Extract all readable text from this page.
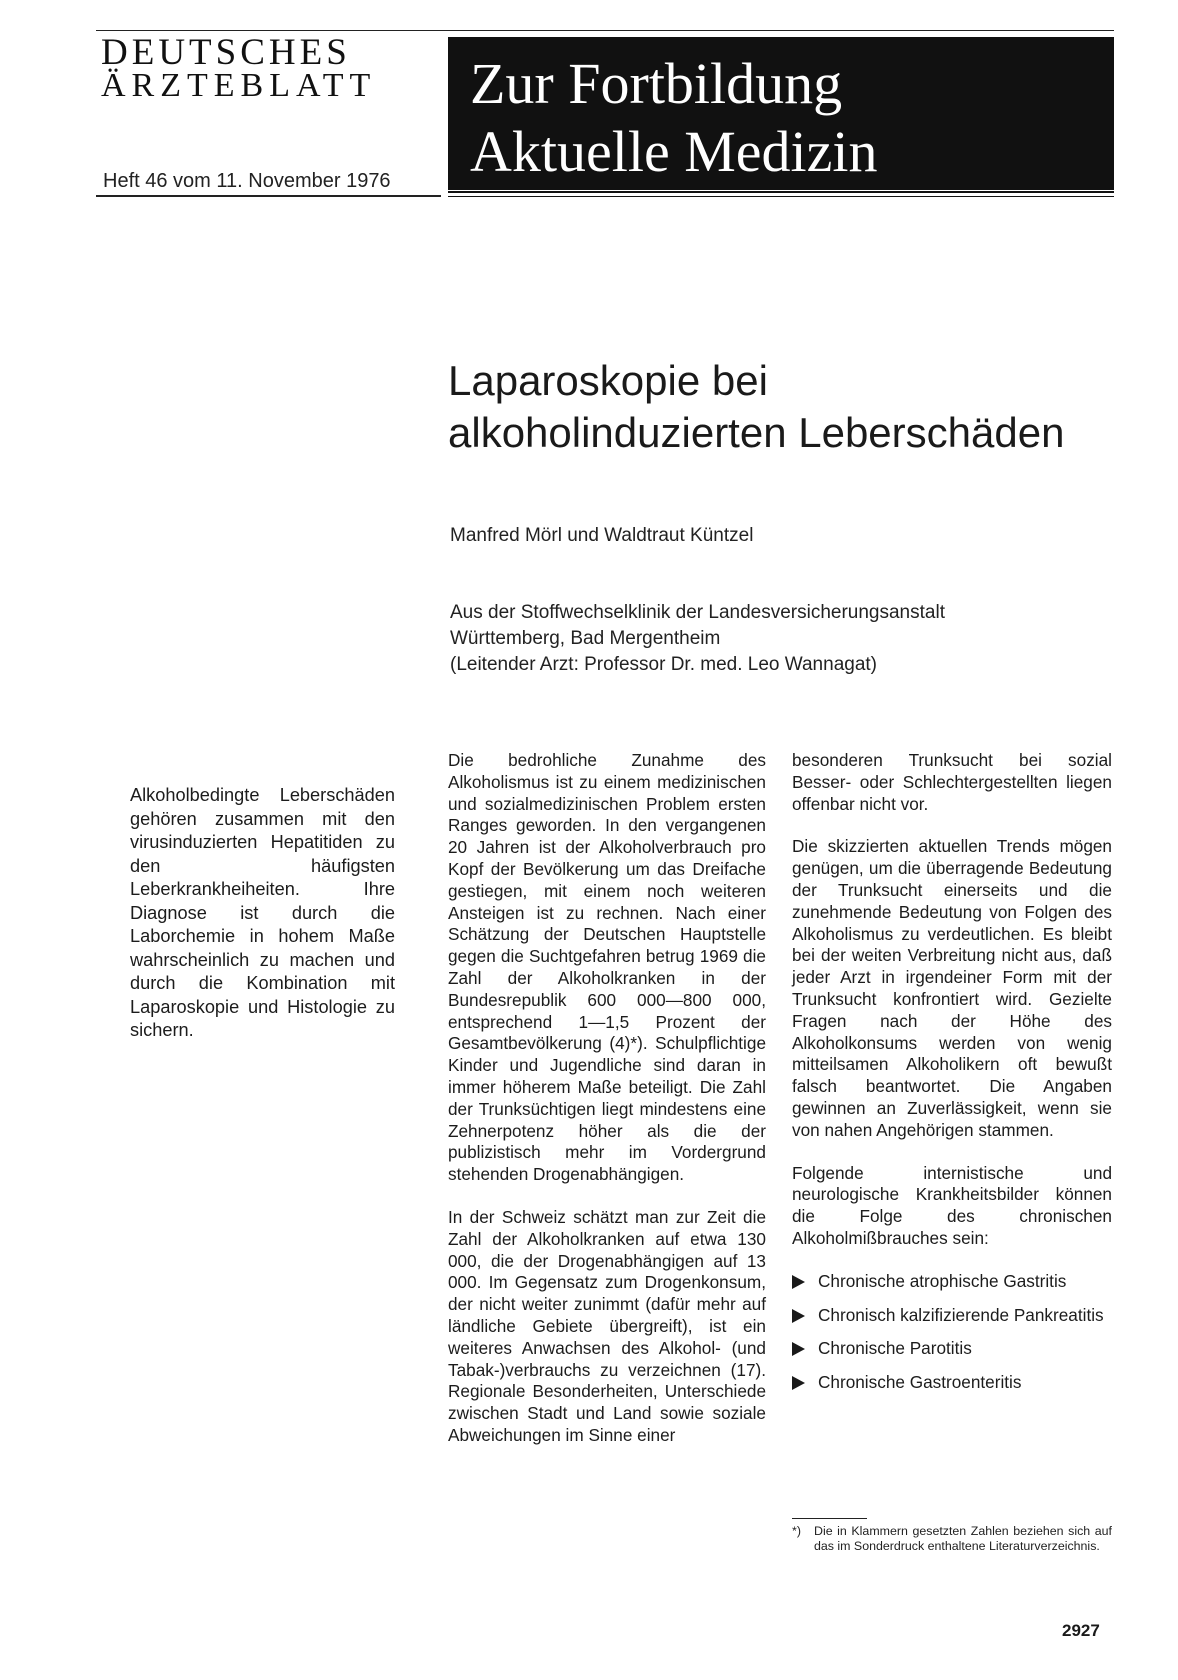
DEUTSCHES
ÄRZTEBLATT
Heft 46 vom 11. November 1976
Zur Fortbildung
Aktuelle Medizin
Laparoskopie bei
alkoholinduzierten Leberschäden
Manfred Mörl und Waldtraut Küntzel
Aus der Stoffwechselklinik der Landesversicherungsanstalt
Württemberg, Bad Mergentheim
(Leitender Arzt: Professor Dr. med. Leo Wannagat)
Alkoholbedingte Leberschäden gehören zusammen mit den virusinduzierten Hepatitiden zu den häufigsten Leberkrankheiheiten. Ihre Diagnose ist durch die Laborchemie in hohem Maße wahrscheinlich zu machen und durch die Kombination mit Laparoskopie und Histologie zu sichern.

Die bedrohliche Zunahme des Alkoholismus ist zu einem medizinischen und sozialmedizinischen Problem ersten Ranges geworden. In den vergangenen 20 Jahren ist der Alkoholverbrauch pro Kopf der Bevölkerung um das Dreifache gestiegen, mit einem noch weiteren Ansteigen ist zu rechnen. Nach einer Schätzung der Deutschen Hauptstelle gegen die Suchtgefahren betrug 1969 die Zahl der Alkoholkranken in der Bundesrepublik 600 000—800 000, entsprechend 1—1,5 Prozent der Gesamtbevölkerung (4)*). Schulpflichtige Kinder und Jugendliche sind daran in immer höherem Maße beteiligt. Die Zahl der Trunksüchtigen liegt mindestens eine Zehnerpotenz höher als die der publizistisch mehr im Vordergrund stehenden Drogenabhängigen.

In der Schweiz schätzt man zur Zeit die Zahl der Alkoholkranken auf etwa 130 000, die der Drogenabhängigen auf 13 000. Im Gegensatz zum Drogenkonsum, der nicht weiter zunimmt (dafür mehr auf ländliche Gebiete übergreift), ist ein weiteres Anwachsen des Alkohol- (und Tabak-)verbrauchs zu verzeichnen (17). Regionale Besonderheiten, Unterschiede zwischen Stadt und Land sowie soziale Abweichungen im Sinne einer

besonderen Trunksucht bei sozial Besser- oder Schlechtergestellten liegen offenbar nicht vor.

Die skizzierten aktuellen Trends mögen genügen, um die überragende Bedeutung der Trunksucht einerseits und die zunehmende Bedeutung von Folgen des Alkoholismus zu verdeutlichen. Es bleibt bei der weiten Verbreitung nicht aus, daß jeder Arzt in irgendeiner Form mit der Trunksucht konfrontiert wird. Gezielte Fragen nach der Höhe des Alkoholkonsums werden von wenig mitteilsamen Alkoholikern oft bewußt falsch beantwortet. Die Angaben gewinnen an Zuverlässigkeit, wenn sie von nahen Angehörigen stammen.

Folgende internistische und neurologische Krankheitsbilder können die Folge des chronischen Alkoholmißbrauches sein:

Chronische atrophische Gastritis
Chronisch kalzifizierende Pankreatitis
Chronische Parotitis
Chronische Gastroenteritis
*) Die in Klammern gesetzten Zahlen beziehen sich auf das im Sonderdruck enthaltene Literaturverzeichnis.
2927
